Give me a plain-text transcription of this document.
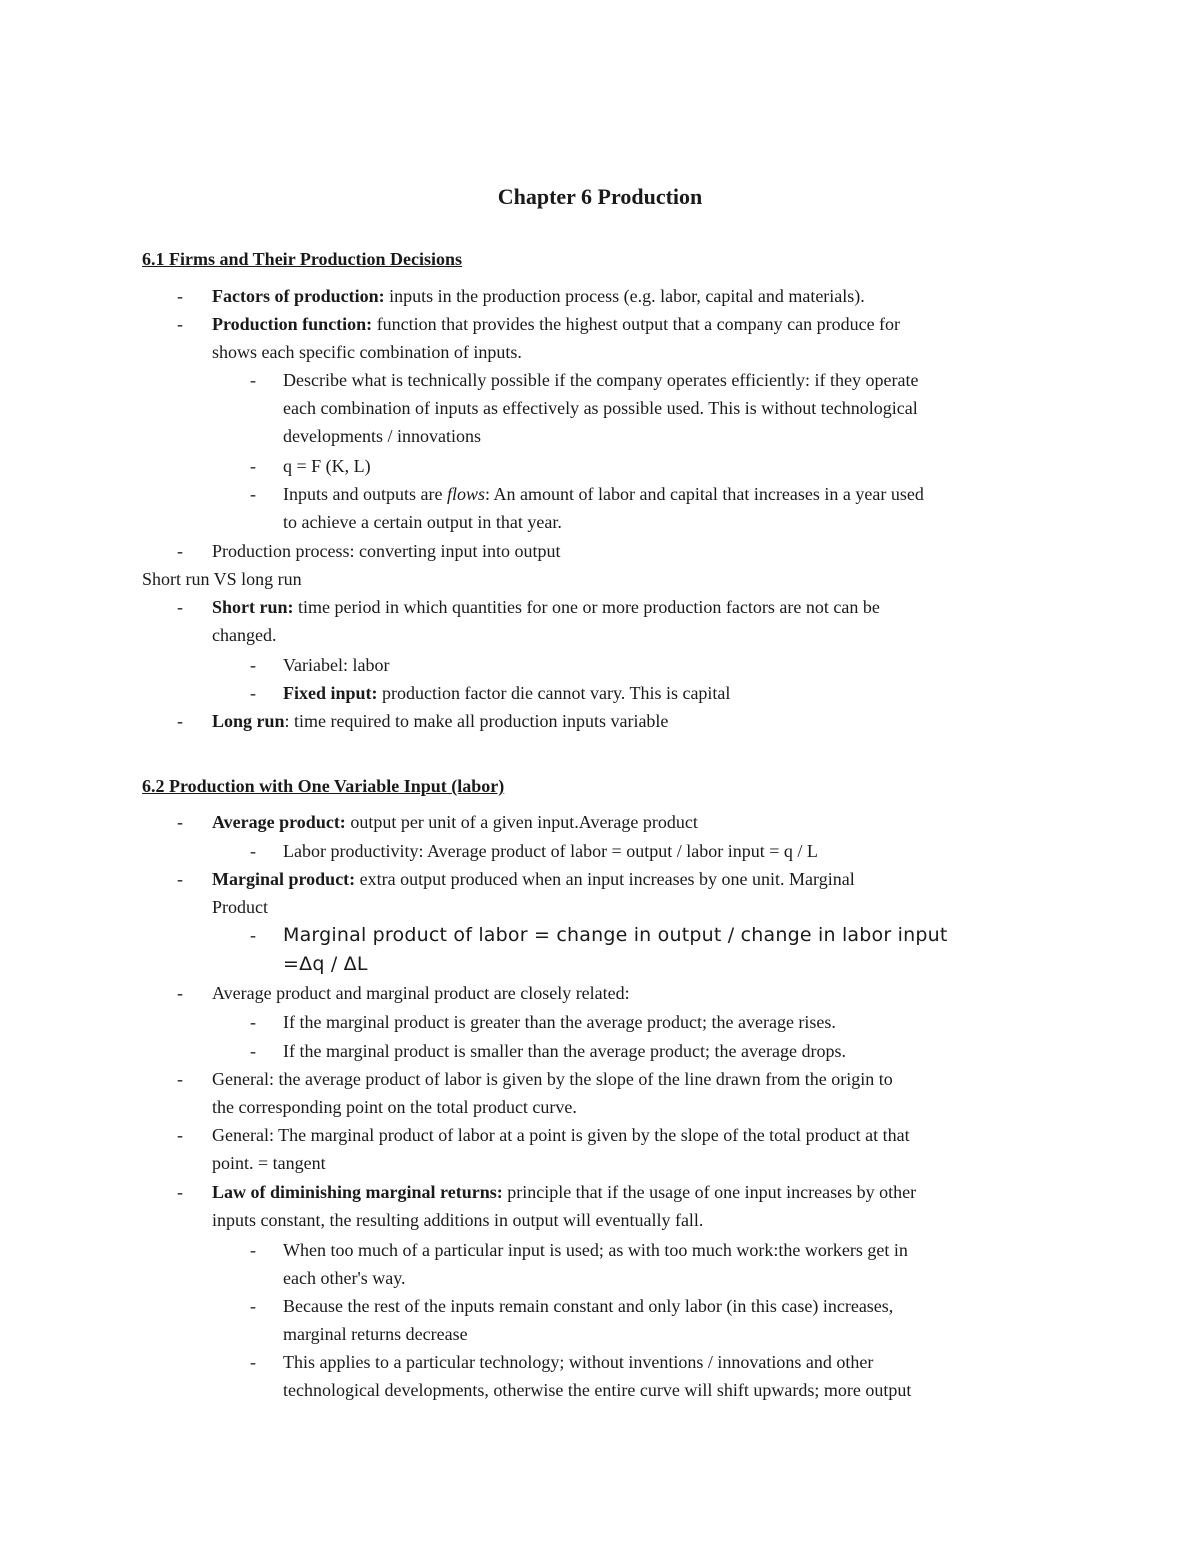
Chapter 6 Production
6.1 Firms and Their Production Decisions
- Factors of production: inputs in the production process (e.g. labor, capital and materials).
- Production function: function that provides the highest output that a company can produce for
shows each specific combination of inputs.
- Describe what is technically possible if the company operates efficiently: if they operate
each combination of inputs as effectively as possible used. This is without technological
developments / innovations
- q = F (K, L)
- Inputs and outputs are flows: An amount of labor and capital that increases in a year used
to achieve a certain output in that year.
- Production process: converting input into output
Short run VS long run
- Short run: time period in which quantities for one or more production factors are not can be
changed.
- Variabel: labor
- Fixed input: production factor die cannot vary. This is capital
- Long run: time required to make all production inputs variable
6.2 Production with One Variable Input (labor)
- Average product: output per unit of a given input.Average product
- Labor productivity: Average product of labor = output / labor input = q / L
- Marginal product: extra output produced when an input increases by one unit. Marginal
Product
- Marginal product of labor = change in output / change in labor input
=Δq / ΔL
- Average product and marginal product are closely related:
- If the marginal product is greater than the average product; the average rises.
- If the marginal product is smaller than the average product; the average drops.
- General: the average product of labor is given by the slope of the line drawn from the origin to
the corresponding point on the total product curve.
- General: The marginal product of labor at a point is given by the slope of the total product at that
point. = tangent
- Law of diminishing marginal returns: principle that if the usage of one input increases by other
inputs constant, the resulting additions in output will eventually fall.
- When too much of a particular input is used; as with too much work:the workers get in
each other's way.
- Because the rest of the inputs remain constant and only labor (in this case) increases,
marginal returns decrease
- This applies to a particular technology; without inventions / innovations and other
technological developments, otherwise the entire curve will shift upwards; more output
